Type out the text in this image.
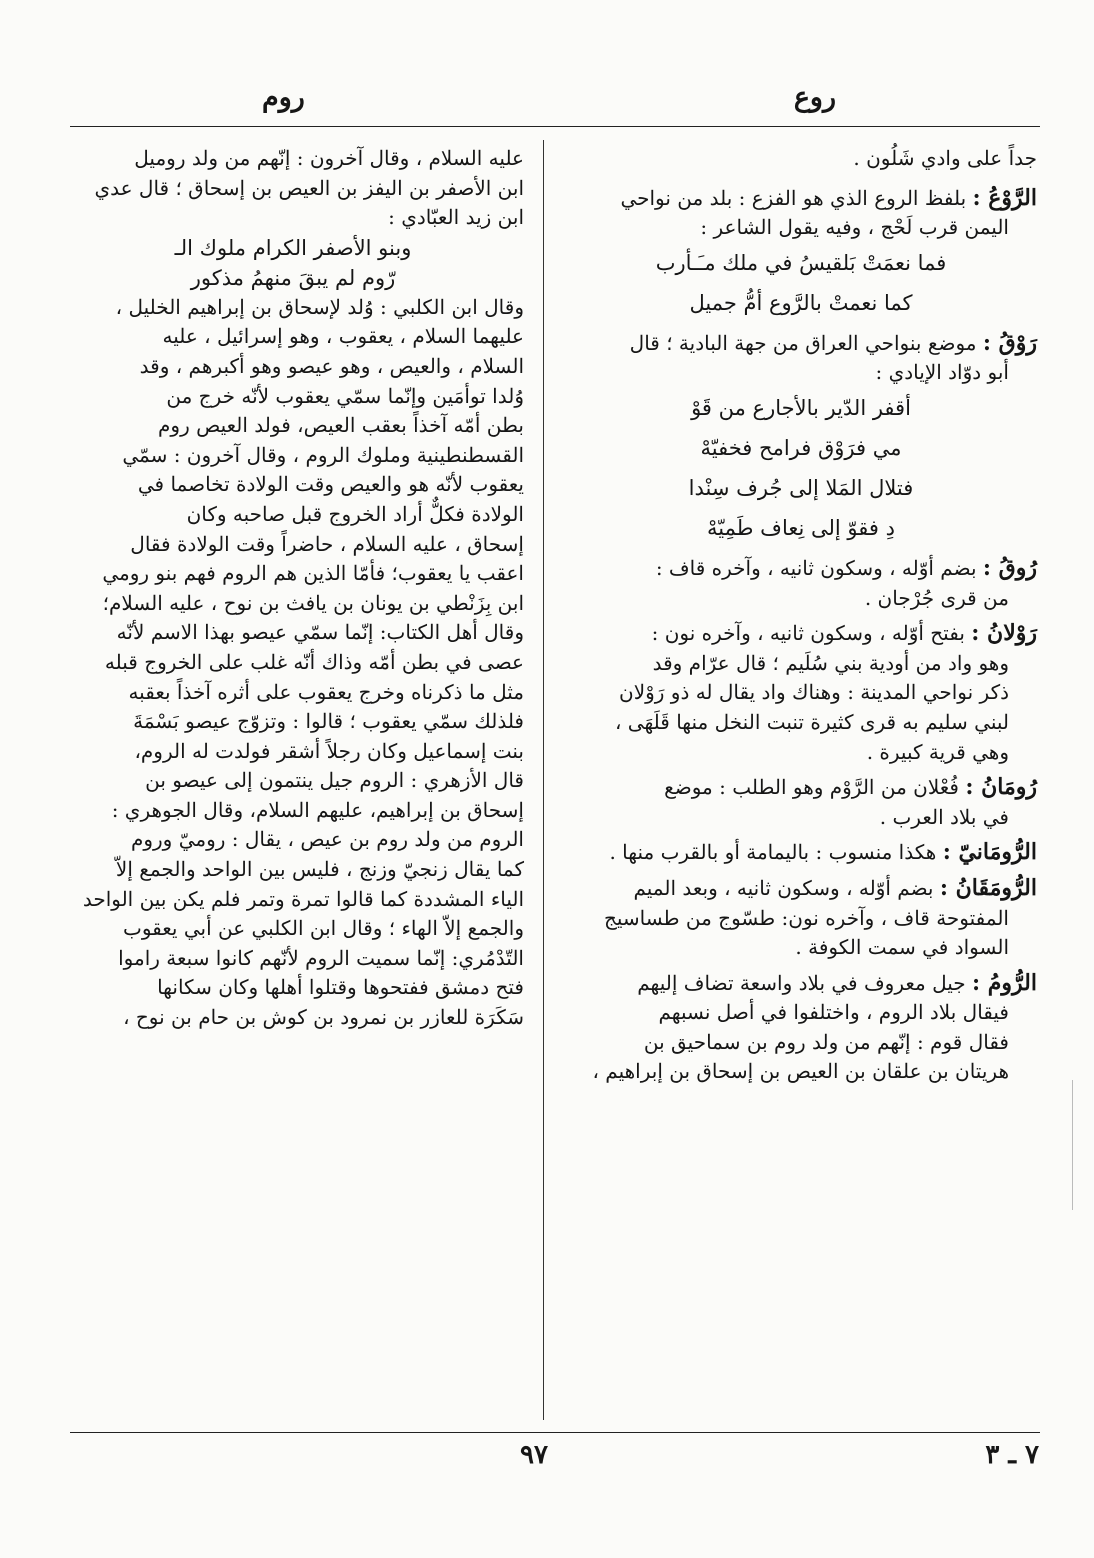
روع
روم

جداً على وادي شَلُون .

الرَّوْعُ : بلفظ الروع الذي هو الفزع : بلد من نواحي

اليمن قرب لَحْج ، وفيه يقول الشاعر :

فما نعمَتْ بَلقيسُ في ملك مـَـأرب

كما نعمتْ بالرَّوع أمُّ جميل

رَوْقُ : موضع بنواحي العراق من جهة البادية ؛ قال

أبو دوّاد الإيادي :

أقفر الدّير بالأجارع من قَوْ

مي فرَوْق فرامح فخفيّهْ

فتلال المَلا إلى جُرف سِنْدا

دِ فقوّ إلى نِعاف طَمِيّهْ

رُوقُ : بضم أوّله ، وسكون ثانيه ، وآخره قاف :

من قرى جُرْجان .

رَوْلانُ : بفتح أوّله ، وسكون ثانيه ، وآخره نون :

وهو واد من أودية بني سُلَيم ؛ قال عرّام وقد

ذكر نواحي المدينة : وهناك واد يقال له ذو رَوْلان

لبني سليم به قرى كثيرة تنبت النخل منها قَلَهَى ،

وهي قرية كبيرة .

رُومَانُ : فُعْلان من الرَّوْم وهو الطلب : موضع

في بلاد العرب .

الرُّومَانيّ : هكذا منسوب : باليمامة أو بالقرب منها .

الرُّومَقَانُ : بضم أوّله ، وسكون ثانيه ، وبعد الميم

المفتوحة قاف ، وآخره نون: طسّوج من طساسيج

السواد في سمت الكوفة .

الرُّومُ : جيل معروف في بلاد واسعة تضاف إليهم

فيقال بلاد الروم ، واختلفوا في أصل نسبهم

فقال قوم : إنّهم من ولد روم بن سماحيق بن

هريتان بن علقان بن العيص بن إسحاق بن إبراهيم ،

عليه السلام ، وقال آخرون : إنّهم من ولد روميل

ابن الأصفر بن اليفز بن العيص بن إسحاق ؛ قال عدي

ابن زيد العبّادي :

وبنو الأصفر الكرام ملوك الـ

رّوم لم يبقَ منهمُ مذكور

وقال ابن الكلبي : وُلد لإسحاق بن إبراهيم الخليل ،

عليهما السلام ، يعقوب ، وهو إسرائيل ، عليه

السلام ، والعيص ، وهو عيصو وهو أكبرهم ، وقد

وُلدا توأمَين وإنّما سمّي يعقوب لأنّه خرج من

بطن أمّه آخذاً بعقب العيص، فولد العيص روم

القسطنطينية وملوك الروم ، وقال آخرون : سمّي

يعقوب لأنّه هو والعيص وقت الولادة تخاصما في

الولادة فكلٌّ أراد الخروج قبل صاحبه وكان

إسحاق ، عليه السلام ، حاضراً وقت الولادة فقال

اعقب يا يعقوب؛ فأمّا الذين هم الروم فهم بنو رومي

ابن بِزَنْطي بن يونان بن يافث بن نوح ، عليه السلام؛

وقال أهل الكتاب: إنّما سمّي عيصو بهذا الاسم لأنّه

عصى في بطن أمّه وذاك أنّه غلب على الخروج قبله

مثل ما ذكرناه وخرج يعقوب على أثره آخذاً بعقبه

فلذلك سمّي يعقوب ؛ قالوا : وتزوّج عيصو بَسْمَةَ

بنت إسماعيل وكان رجلاً أشقر فولدت له الروم،

قال الأزهري : الروم جيل ينتمون إلى عيصو بن

إسحاق بن إبراهيم، عليهم السلام، وقال الجوهري :

الروم من ولد روم بن عيص ، يقال : روميّ وروم

كما يقال زنجيّ وزنج ، فليس بين الواحد والجمع إلاّ

الياء المشددة كما قالوا تمرة وتمر فلم يكن بين الواحد

والجمع إلاّ الهاء ؛ وقال ابن الكلبي عن أبي يعقوب

التّدْمُري: إنّما سميت الروم لأنّهم كانوا سبعة راموا

فتح دمشق ففتحوها وقتلوا أهلها وكان سكانها

سَكَرَة للعازر بن نمرود بن كوش بن حام بن نوح ،

٩٧	٧ ـ ٣
